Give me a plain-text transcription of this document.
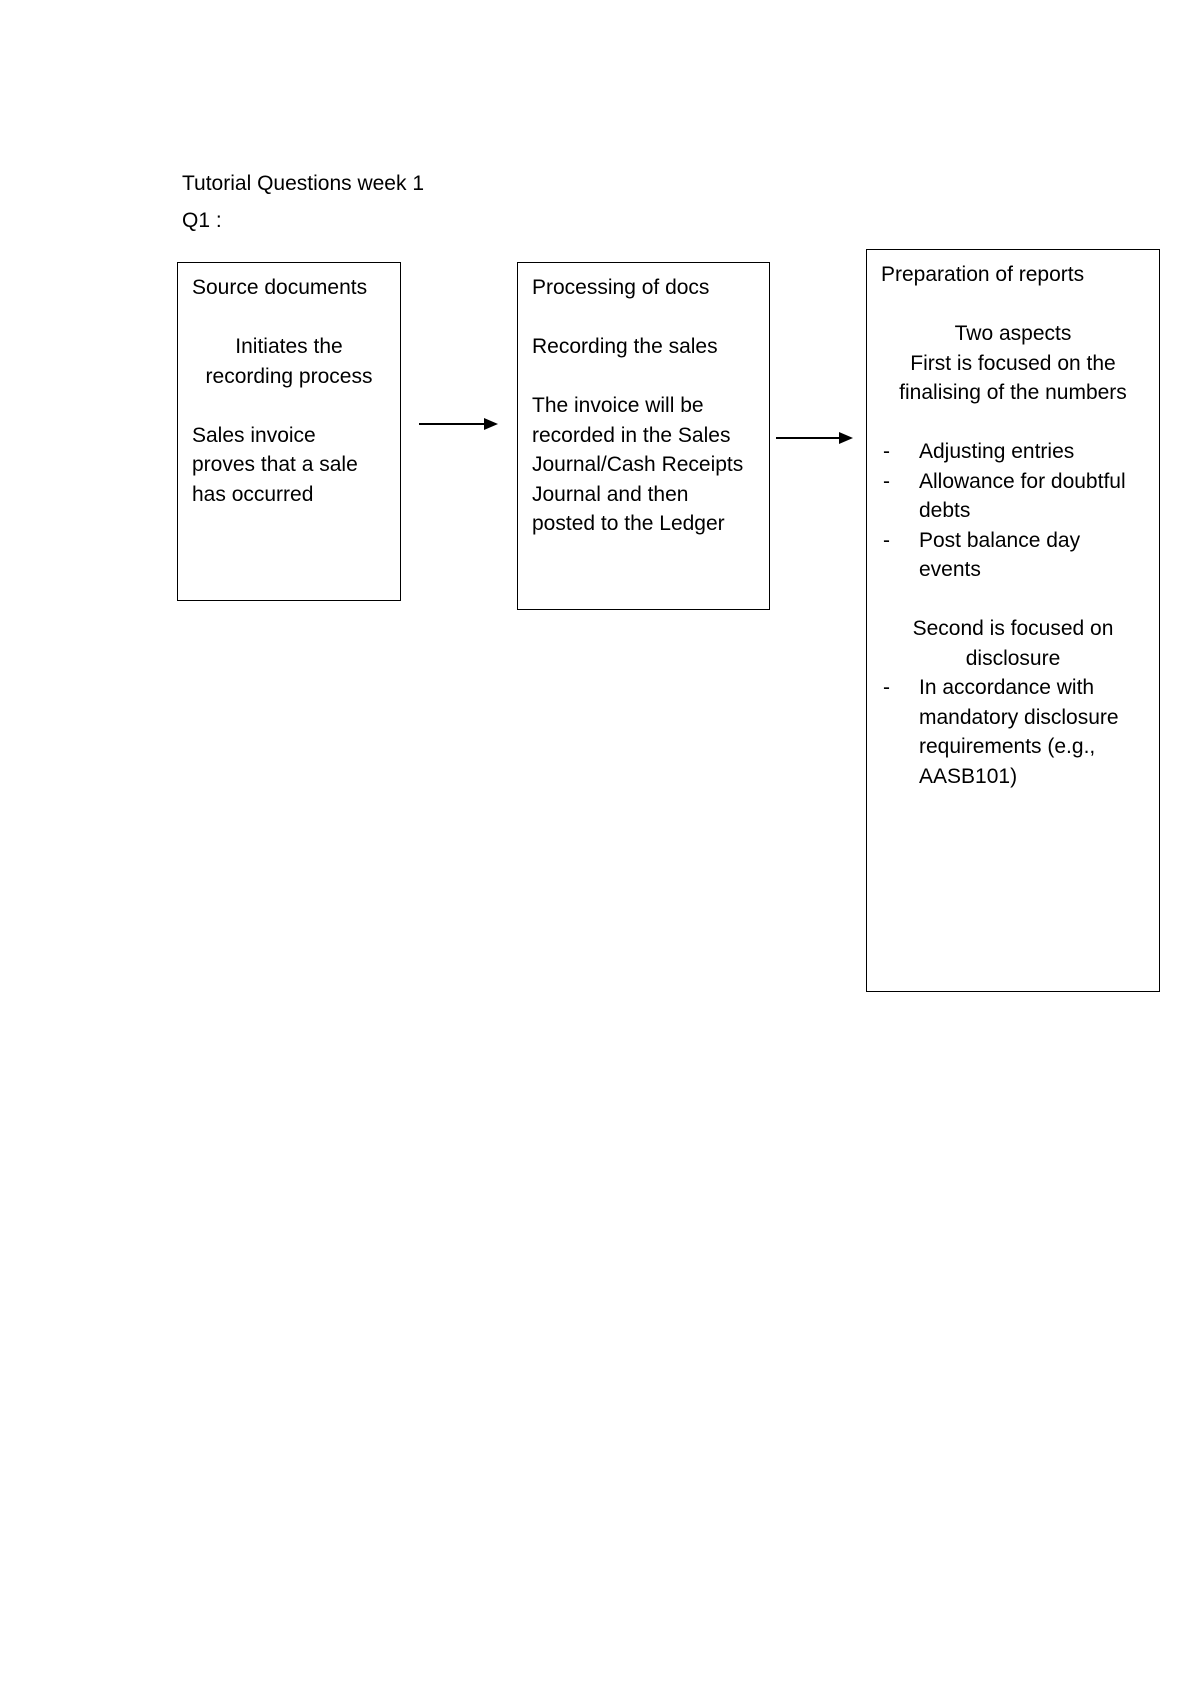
Tutorial Questions week 1
Q1 :

Source documents

Initiates the

recording process

Sales invoice

proves that a sale

has occurred

Processing of docs

Recording the sales

The invoice will be

recorded in the Sales

Journal/Cash Receipts

Journal and then

posted to the Ledger

Preparation of reports

Two aspects

First is focused on the

finalising of the numbers

-	Adjusting entries

-	Allowance for doubtful

debts

-	Post balance day

events

Second is focused on

disclosure

-	In accordance with

mandatory disclosure

requirements (e.g.,

AASB101)
